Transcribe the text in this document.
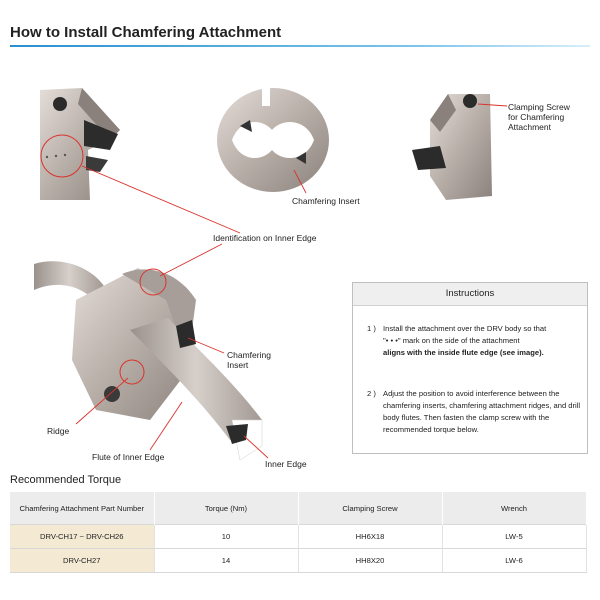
How to Install Chamfering Attachment
Chamfering Insert
Clamping Screw
for Chamfering
Attachment
Identification on Inner Edge
Chamfering
Insert
Ridge
Flute of Inner Edge
Inner Edge
Instructions
1 ) Install the attachment over the DRV body so that
"• • •" mark on the side of the attachment
aligns with the inside flute edge (see image).
2 ) Adjust the position to avoid interference between the chamfering inserts, chamfering attachment ridges, and drill body flutes. Then fasten the clamp screw with the recommended torque below.
Recommended Torque
Chamfering Attachment Part Number	Torque (Nm)	Clamping Screw	Wrench
DRV-CH17 ~ DRV-CH26	10	HH6X18	LW-5
DRV-CH27	14	HH8X20	LW-6
